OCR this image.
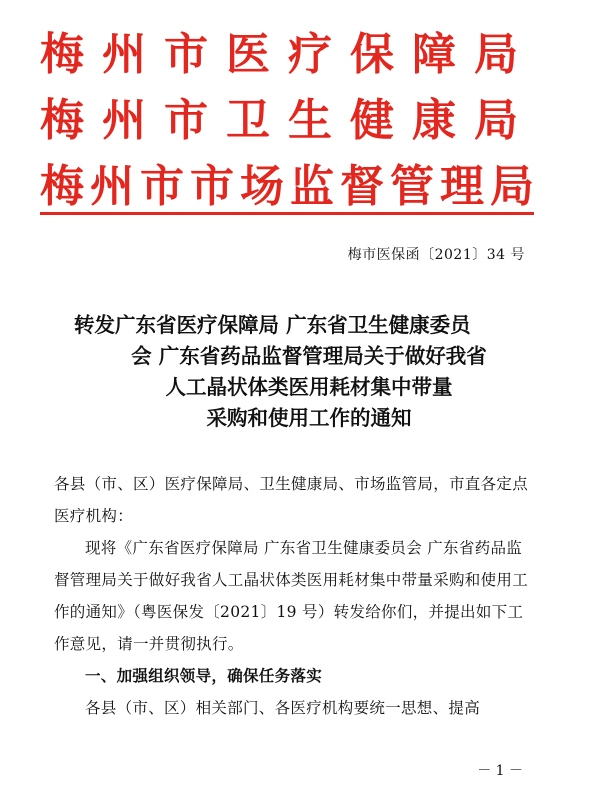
梅州市医疗保障局
梅州市卫生健康局
梅州市市场监督管理局
梅市医保函〔2021〕34 号
转发广东省医疗保障局 广东省卫生健康委员
会 广东省药品监督管理局关于做好我省
人工晶状体类医用耗材集中带量
采购和使用工作的通知

各县（市、区）医疗保障局、卫生健康局、市场监管局，市直各定点医疗机构：

现将《广东省医疗保障局 广东省卫生健康委员会 广东省药品监督管理局关于做好我省人工晶状体类医用耗材集中带量采购和使用工作的通知》（粤医保发〔2021〕19 号）转发给你们，并提出如下工作意见，请一并贯彻执行。

一、加强组织领导，确保任务落实

各县（市、区）相关部门、各医疗机构要统一思想、提高

－ 1 －
